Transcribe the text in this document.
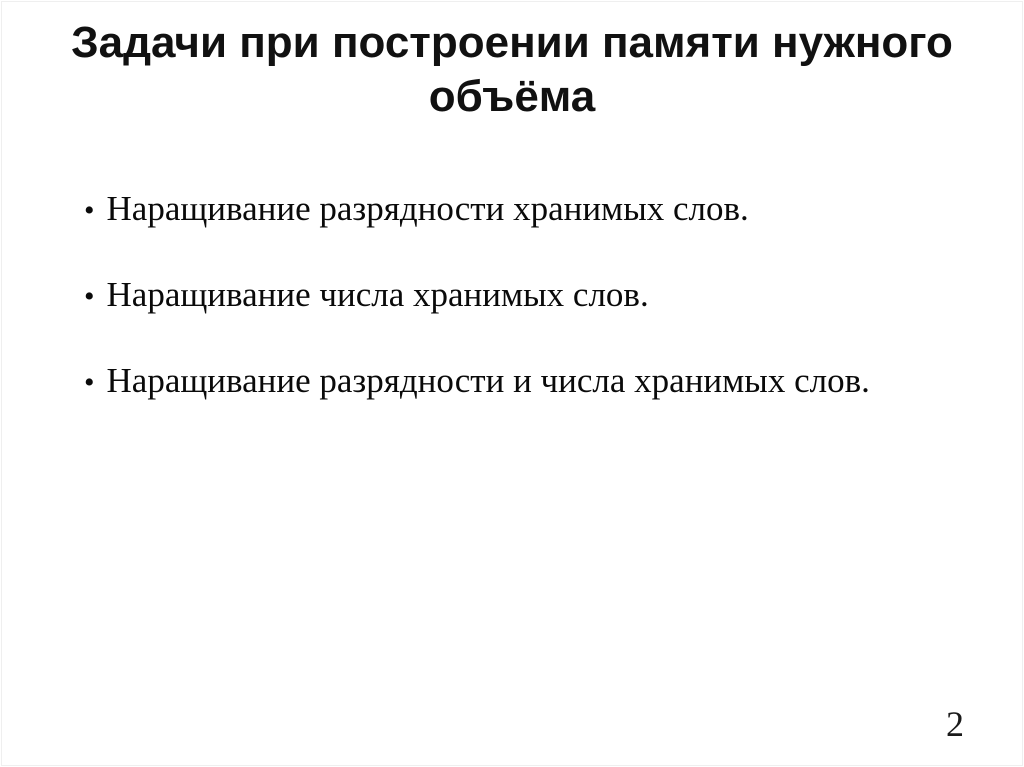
Задачи при построении памяти нужного объёма
• Наращивание разрядности хранимых слов.
• Наращивание числа хранимых слов.
• Наращивание разрядности и числа хранимых слов.
2
